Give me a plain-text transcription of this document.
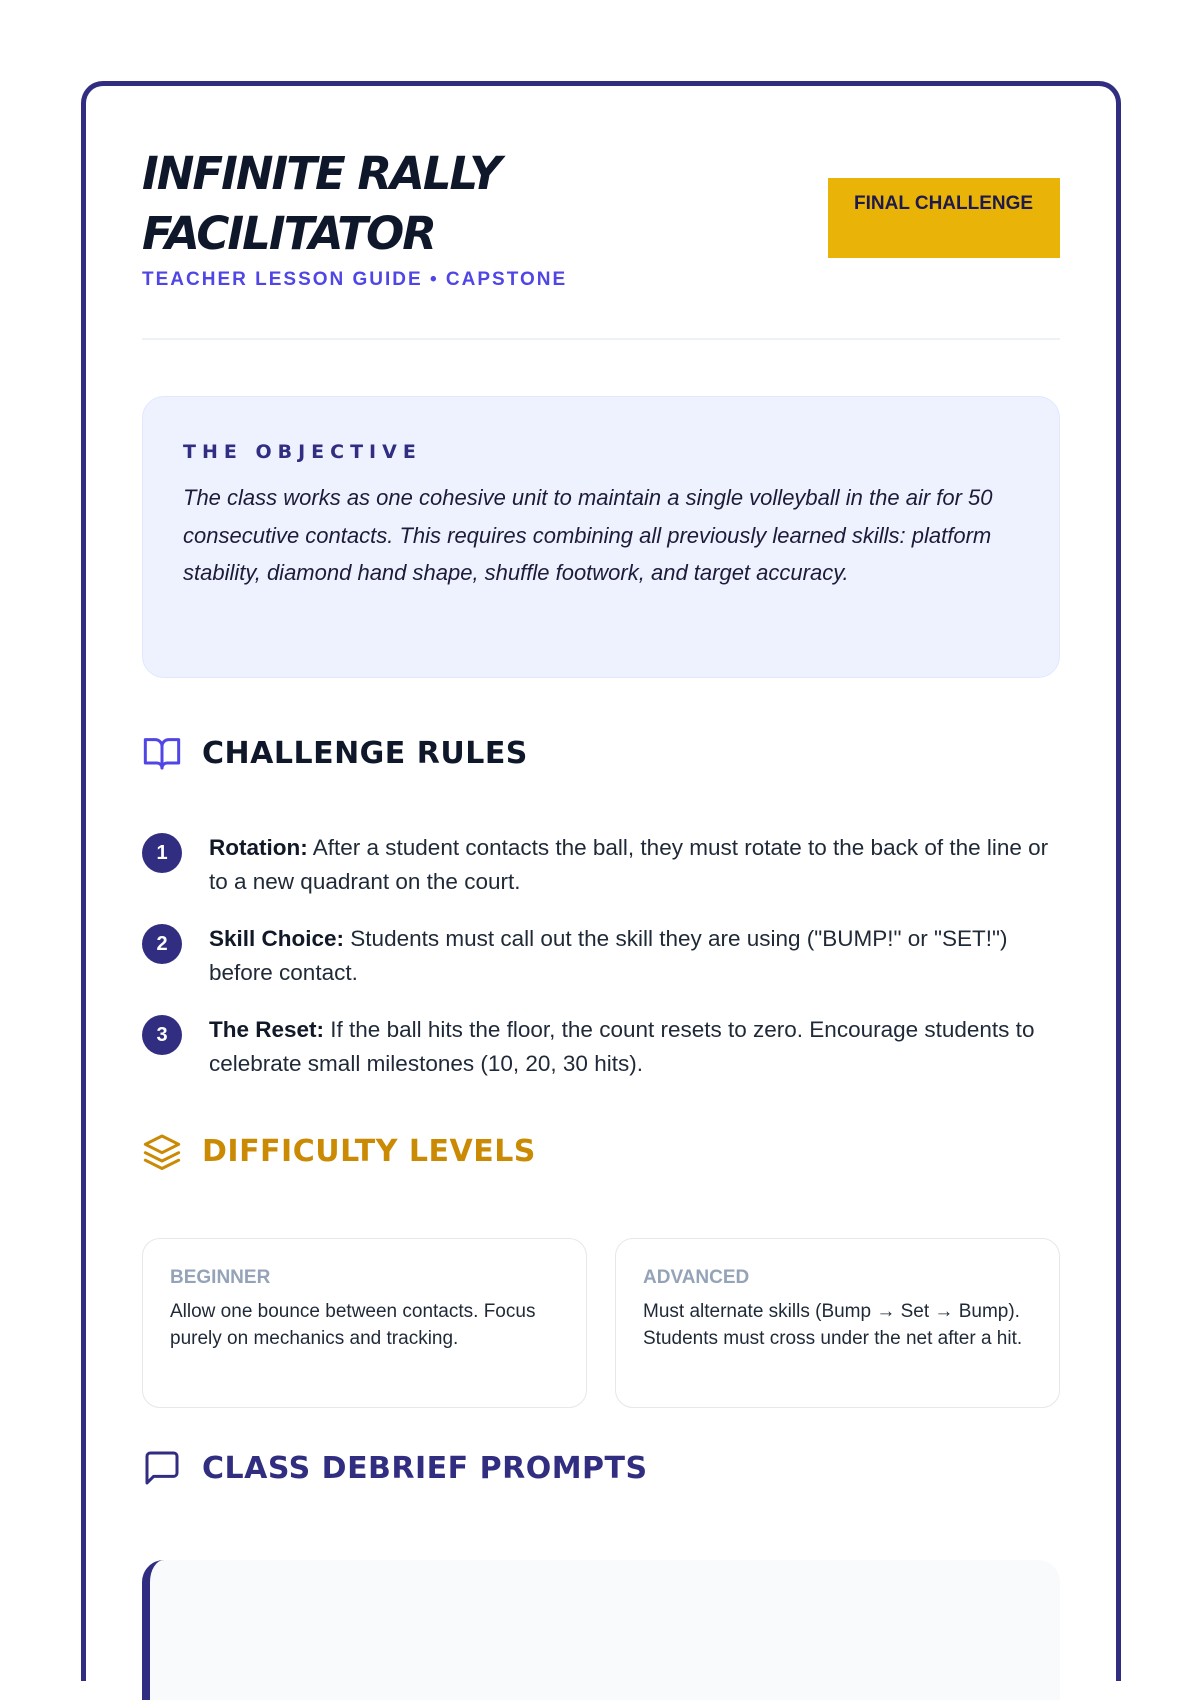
INFINITE RALLY FACILITATOR
TEACHER LESSON GUIDE • CAPSTONE
FINAL CHALLENGE
THE OBJECTIVE

The class works as one cohesive unit to maintain a single volleyball in the air for 50 consecutive contacts. This requires combining all previously learned skills: platform stability, diamond hand shape, shuffle footwork, and target accuracy.

CHALLENGE RULES
1	Rotation: After a student contacts the ball, they must rotate to the back of the line or to a new quadrant on the court.
2	Skill Choice: Students must call out the skill they are using ("BUMP!" or "SET!") before contact.
3	The Reset: If the ball hits the floor, the count resets to zero. Encourage students to celebrate small milestones (10, 20, 30 hits).
DIFFICULTY LEVELS
BEGINNER
Allow one bounce between contacts. Focus purely on mechanics and tracking.
ADVANCED
Must alternate skills (Bump → Set → Bump). Students must cross under the net after a hit.
CLASS DEBRIEF PROMPTS
